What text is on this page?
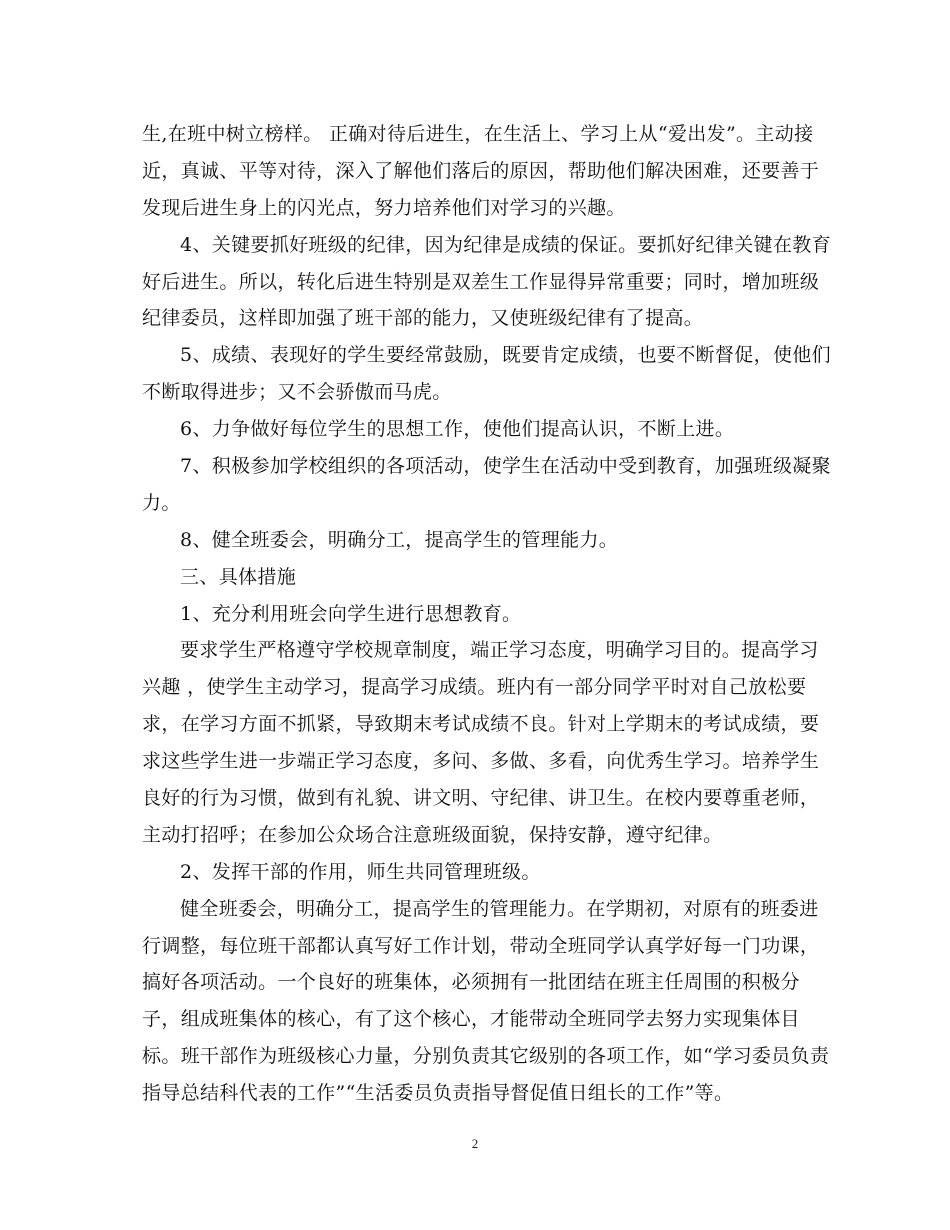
生,在班中树立榜样。 正确对待后进生，在生活上、学习上从“爱出发”。主动接
近，真诚、平等对待，深入了解他们落后的原因，帮助他们解决困难，还要善于
发现后进生身上的闪光点，努力培养他们对学习的兴趣。
4、关键要抓好班级的纪律，因为纪律是成绩的保证。要抓好纪律关键在教育
好后进生。所以，转化后进生特别是双差生工作显得异常重要；同时，增加班级
纪律委员，这样即加强了班干部的能力，又使班级纪律有了提高。
5、成绩、表现好的学生要经常鼓励，既要肯定成绩，也要不断督促，使他们
不断取得进步；又不会骄傲而马虎。
6、力争做好每位学生的思想工作，使他们提高认识，不断上进。
7、积极参加学校组织的各项活动，使学生在活动中受到教育，加强班级凝聚
力。
8、健全班委会，明确分工，提高学生的管理能力。
三、具体措施
1、充分利用班会向学生进行思想教育。
要求学生严格遵守学校规章制度，端正学习态度，明确学习目的。提高学习
兴趣 ，使学生主动学习，提高学习成绩。班内有一部分同学平时对自己放松要
求，在学习方面不抓紧，导致期末考试成绩不良。针对上学期末的考试成绩，要
求这些学生进一步端正学习态度，多问、多做、多看，向优秀生学习。培养学生
良好的行为习惯，做到有礼貌、讲文明、守纪律、讲卫生。在校内要尊重老师，
主动打招呼；在参加公众场合注意班级面貌，保持安静，遵守纪律。
2、发挥干部的作用，师生共同管理班级。
健全班委会，明确分工，提高学生的管理能力。在学期初，对原有的班委进
行调整，每位班干部都认真写好工作计划，带动全班同学认真学好每一门功课，
搞好各项活动。一个良好的班集体，必须拥有一批团结在班主任周围的积极分
子，组成班集体的核心，有了这个核心，才能带动全班同学去努力实现集体目
标。班干部作为班级核心力量，分别负责其它级别的各项工作，如“学习委员负责
指导总结科代表的工作”“生活委员负责指导督促值日组长的工作”等。
2
